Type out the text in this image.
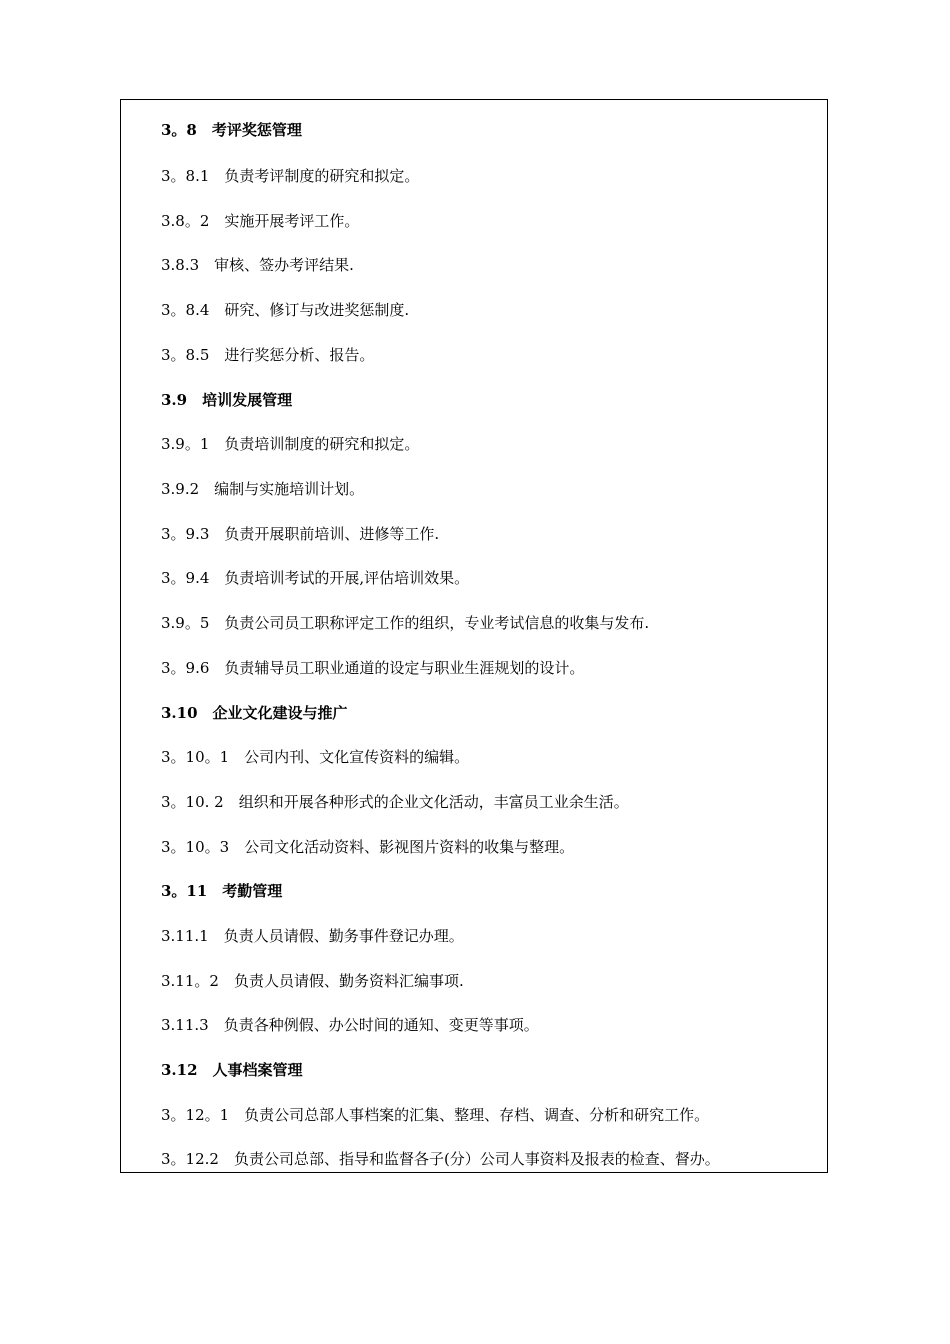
3。8　考评奖惩管理
3。8.1　负责考评制度的研究和拟定。
3.8。2　实施开展考评工作。
3.8.3　审核、签办考评结果.
3。8.4　研究、修订与改进奖惩制度.
3。8.5　进行奖惩分析、报告。
3.9　培训发展管理
3.9。1　负责培训制度的研究和拟定。
3.9.2　编制与实施培训计划。
3。9.3　负责开展职前培训、进修等工作.
3。9.4　负责培训考试的开展,评估培训效果。
3.9。5　负责公司员工职称评定工作的组织，专业考试信息的收集与发布.
3。9.6　负责辅导员工职业通道的设定与职业生涯规划的设计。
3.10　企业文化建设与推广
3。10。1　公司内刊、文化宣传资料的编辑。
3。10. 2　组织和开展各种形式的企业文化活动，丰富员工业余生活。
3。10。3　公司文化活动资料、影视图片资料的收集与整理。
3。11　考勤管理
3.11.1　负责人员请假、勤务事件登记办理。
3.11。2　负责人员请假、勤务资料汇编事项.
3.11.3　负责各种例假、办公时间的通知、变更等事项。
3.12　人事档案管理
3。12。1　负责公司总部人事档案的汇集、整理、存档、调查、分析和研究工作。
3。12.2　负责公司总部、指导和监督各子(分）公司人事资料及报表的检查、督办。
